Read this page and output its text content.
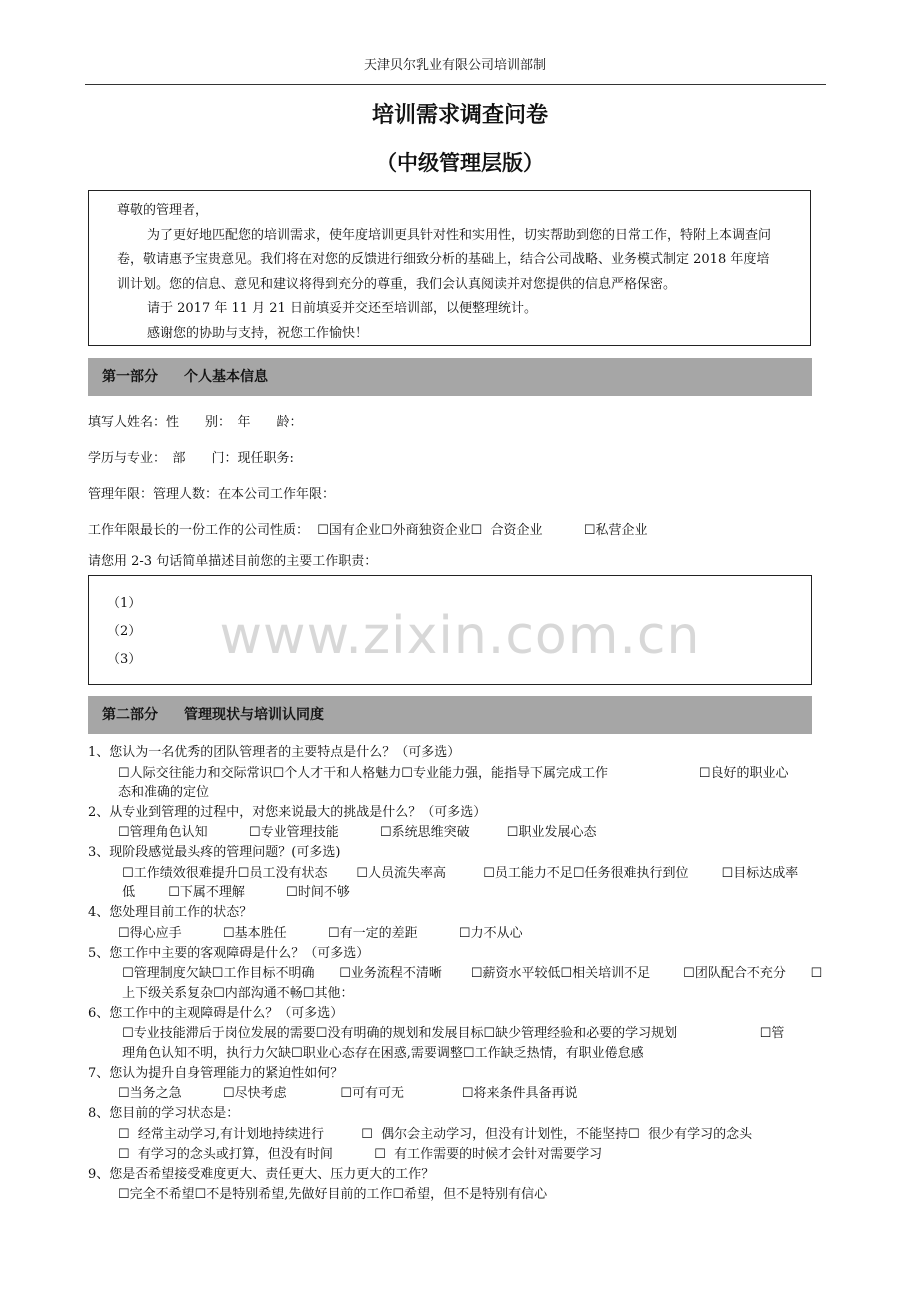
天津贝尔乳业有限公司培训部制
培训需求调查问卷
（中级管理层版）

尊敬的管理者，

为了更好地匹配您的培训需求，使年度培训更具针对性和实用性，切实帮助到您的日常工作，特附上本调查问卷，敬请惠予宝贵意见。我们将在对您的反馈进行细致分析的基础上，结合公司战略、业务模式制定 2018 年度培训计划。您的信息、意见和建议将得到充分的尊重，我们会认真阅读并对您提供的信息严格保密。

请于 2017 年 11 月 21 日前填妥并交还至培训部，以便整理统计。

感谢您的协助与支持，祝您工作愉快！

第一部分 个人基本信息
填写人姓名：性　　别：　年　　龄：
学历与专业：　部　　门：现任职务:
管理年限：管理人数：在本公司工作年限：
工作年限最长的一份工作的公司性质：  ☐国有企业☐外商独资企业☐  合资企业          ☐私营企业
请您用 2-3 句话简单描述目前您的主要工作职责：
（1）
（2）
（3）	www.zixin.com.cn
第二部分 管理现状与培训认同度
1、您认为一名优秀的团队管理者的主要特点是什么？（可多选）
☐人际交往能力和交际常识☐个人才干和人格魅力☐专业能力强，能指导下属完成工作                      ☐良好的职业心
态和准确的定位
2、从专业到管理的过程中，对您来说最大的挑战是什么？（可多选）
☐管理角色认知          ☐专业管理技能          ☐系统思维突破         ☐职业发展心态
3、现阶段感觉最头疼的管理问题？(可多选)
☐工作绩效很难提升☐员工没有状态       ☐人员流失率高         ☐员工能力不足☐任务很难执行到位        ☐目标达成率
低        ☐下属不理解          ☐时间不够
4、您处理目前工作的状态？
☐得心应手          ☐基本胜任          ☐有一定的差距          ☐力不从心
5、您工作中主要的客观障碍是什么？（可多选）
☐管理制度欠缺☐工作目标不明确      ☐业务流程不清晰       ☐薪资水平较低☐相关培训不足        ☐团队配合不充分      ☐
上下级关系复杂☐内部沟通不畅☐其他：
6、您工作中的主观障碍是什么？（可多选）
☐专业技能滞后于岗位发展的需要☐没有明确的规划和发展目标☐缺少管理经验和必要的学习规划                    ☐管
理角色认知不明，执行力欠缺☐职业心态存在困惑,需要调整☐工作缺乏热情，有职业倦怠感
7、您认为提升自身管理能力的紧迫性如何？
☐当务之急          ☐尽快考虑             ☐可有可无              ☐将来条件具备再说
8、您目前的学习状态是：
☐  经常主动学习,有计划地持续进行         ☐  偶尔会主动学习，但没有计划性，不能坚持☐  很少有学习的念头
☐  有学习的念头或打算，但没有时间          ☐  有工作需要的时候才会针对需要学习
9、您是否希望接受难度更大、责任更大、压力更大的工作？
☐完全不希望☐不是特别希望,先做好目前的工作☐希望，但不是特别有信心
